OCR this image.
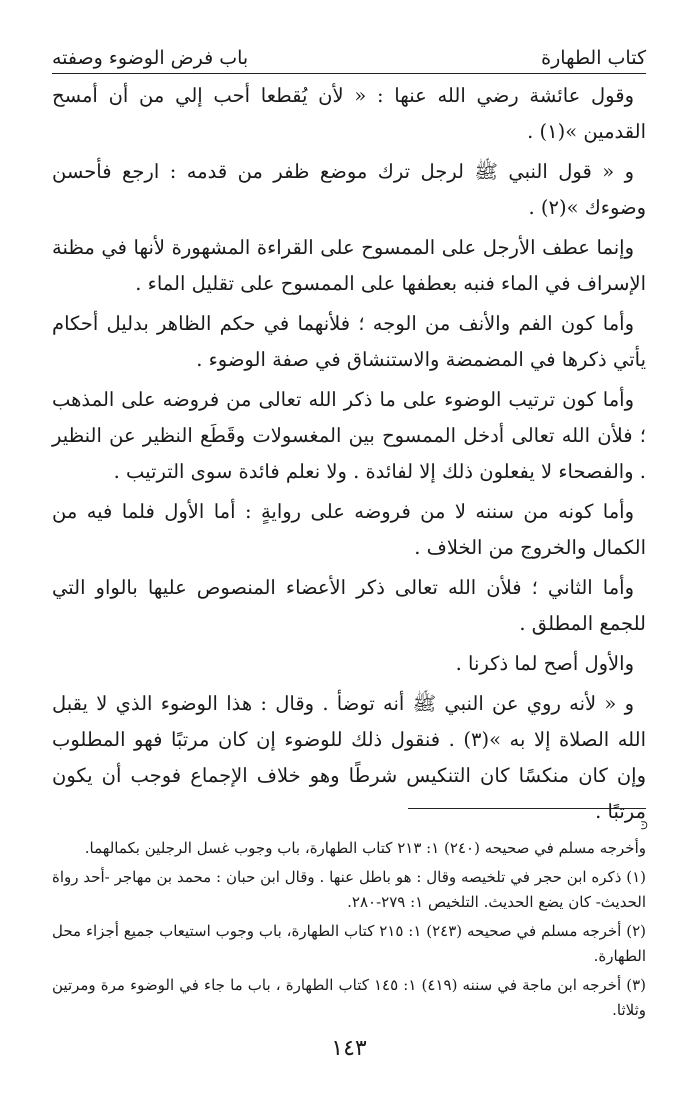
كتاب الطهارة
باب فرض الوضوء وصفته

وقول عائشة رضي الله عنها : « لأن يُقطعا أحب إلي من أن أمسح القدمين »(١) .

و « قول النبي ﷺ لرجل ترك موضع ظفر من قدمه : ارجع فأحسن وضوءك »(٢) .

وإنما عطف الأرجل على الممسوح على القراءة المشهورة لأنها في مظنة الإسراف في الماء فنبه بعطفها على الممسوح على تقليل الماء .

وأما كون الفم والأنف من الوجه ؛ فلأنهما في حكم الظاهر بدليل أحكام يأتي ذكرها في المضمضة والاستنشاق في صفة الوضوء .

وأما كون ترتيب الوضوء على ما ذكر الله تعالى من فروضه على المذهب ؛ فلأن الله تعالى أدخل الممسوح بين المغسولات وقَطَع النظير عن النظير . والفصحاء لا يفعلون ذلك إلا لفائدة . ولا نعلم فائدة سوى الترتيب .

وأما كونه من سننه لا من فروضه على روايةٍ : أما الأول فلما فيه من الكمال والخروج من الخلاف .

وأما الثاني ؛ فلأن الله تعالى ذكر الأعضاء المنصوص عليها بالواو التي للجمع المطلق .

والأول أصح لما ذكرنا .

و « لأنه روي عن النبي ﷺ أنه توضأ . وقال : هذا الوضوء الذي لا يقبل الله الصلاة إلا به »(٣) . فنقول ذلك للوضوء إن كان مرتبًا فهو المطلوب وإن كان منكسًا كان التنكيس شرطًا وهو خلاف الإجماع فوجب أن يكون مرتبًا .

⪽

وأخرجه مسلم في صحيحه (٢٤٠) ١: ٢١٣ كتاب الطهارة، باب وجوب غسل الرجلين بكمالهما.

(١) ذكره ابن حجر في تلخيصه وقال : هو باطل عنها . وقال ابن حبان : محمد بن مهاجر -أحد رواة الحديث- كان يضع الحديث. التلخيص ١: ٢٧٩-٢٨٠.

(٢) أخرجه مسلم في صحيحه (٢٤٣) ١: ٢١٥ كتاب الطهارة، باب وجوب استيعاب جميع أجزاء محل الطهارة.

(٣) أخرجه ابن ماجة في سننه (٤١٩) ١: ١٤٥ كتاب الطهارة ، باب ما جاء في الوضوء مرة ومرتين وثلاثا.

١٤٣
